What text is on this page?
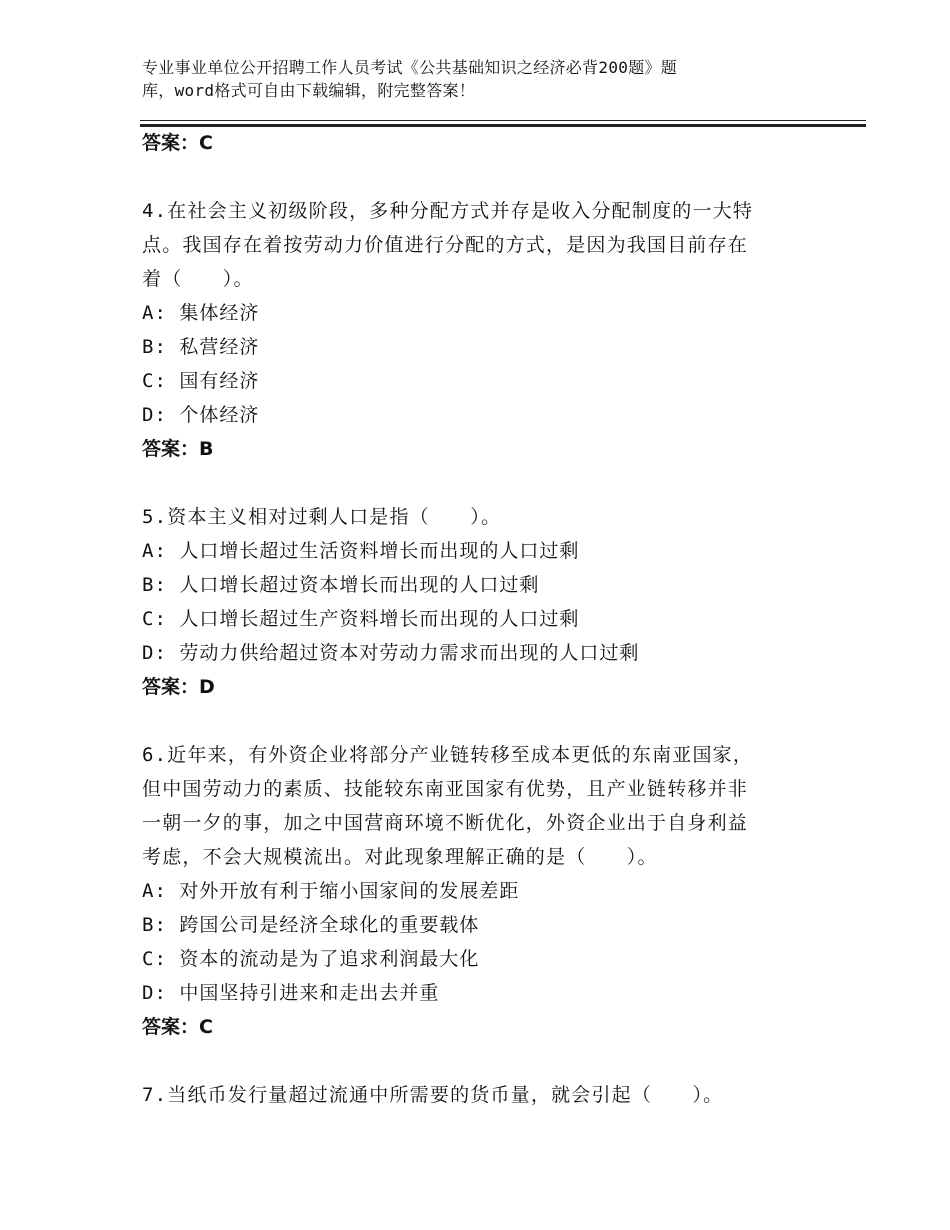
专业事业单位公开招聘工作人员考试《公共基础知识之经济必背200题》题
库，word格式可自由下载编辑，附完整答案！
答案：C
4.在社会主义初级阶段，多种分配方式并存是收入分配制度的一大特
点。我国存在着按劳动力价值进行分配的方式，是因为我国目前存在
着（　　）。
A: 集体经济
B: 私营经济
C: 国有经济
D: 个体经济
答案：B
5.资本主义相对过剩人口是指（　　）。
A: 人口增长超过生活资料增长而出现的人口过剩
B: 人口增长超过资本增长而出现的人口过剩
C: 人口增长超过生产资料增长而出现的人口过剩
D: 劳动力供给超过资本对劳动力需求而出现的人口过剩
答案：D
6.近年来，有外资企业将部分产业链转移至成本更低的东南亚国家，
但中国劳动力的素质、技能较东南亚国家有优势，且产业链转移并非
一朝一夕的事，加之中国营商环境不断优化，外资企业出于自身利益
考虑，不会大规模流出。对此现象理解正确的是（　　）。
A: 对外开放有利于缩小国家间的发展差距
B: 跨国公司是经济全球化的重要载体
C: 资本的流动是为了追求利润最大化
D: 中国坚持引进来和走出去并重
答案：C
7.当纸币发行量超过流通中所需要的货币量，就会引起（　　）。
